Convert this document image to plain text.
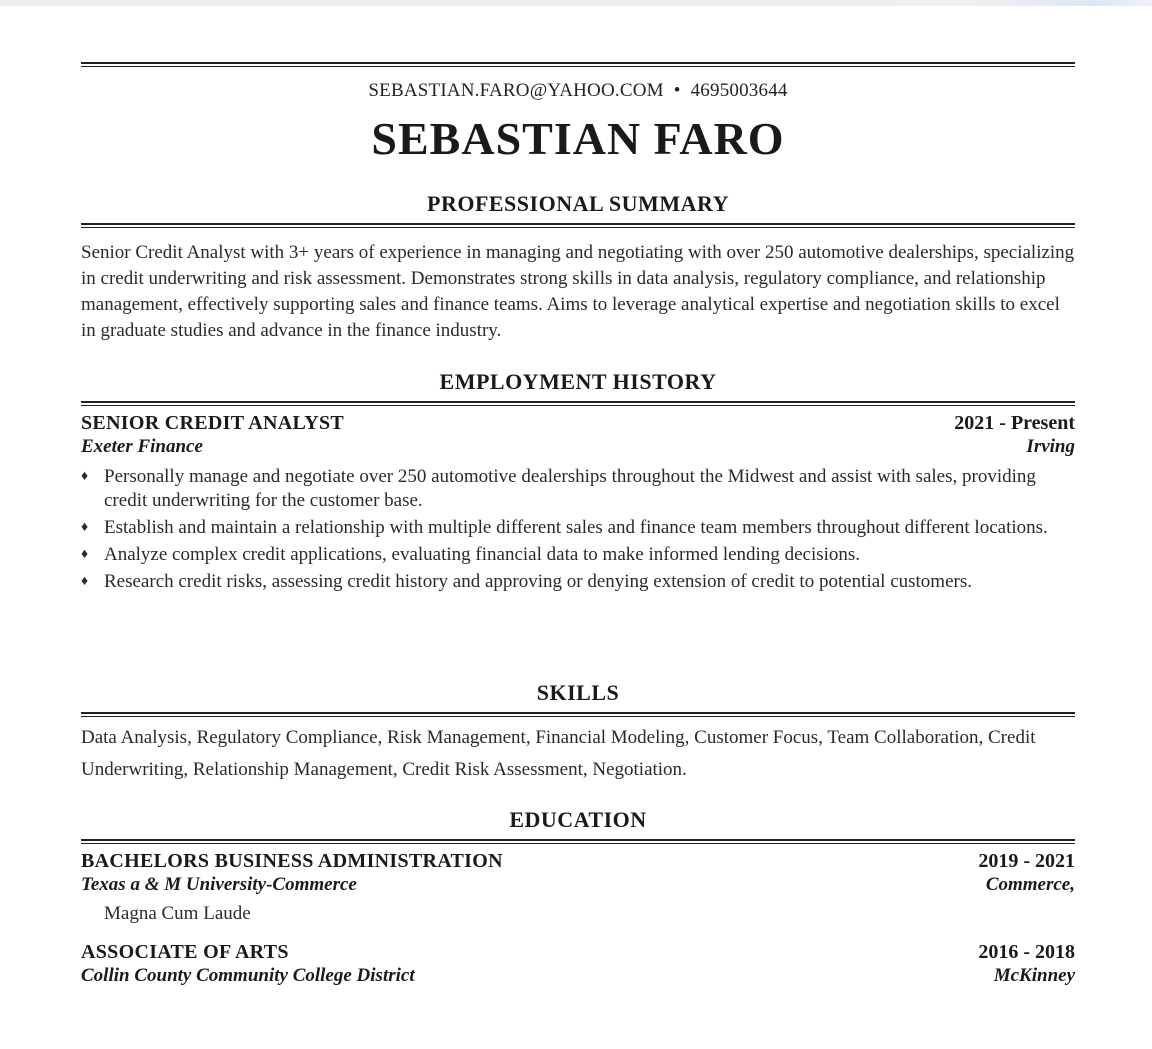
SEBASTIAN.FARO@YAHOO.COM • 4695003644
SEBASTIAN FARO
PROFESSIONAL SUMMARY
Senior Credit Analyst with 3+ years of experience in managing and negotiating with over 250 automotive dealerships, specializing in credit underwriting and risk assessment. Demonstrates strong skills in data analysis, regulatory compliance, and relationship management, effectively supporting sales and finance teams. Aims to leverage analytical expertise and negotiation skills to excel in graduate studies and advance in the finance industry.
EMPLOYMENT HISTORY
SENIOR CREDIT ANALYST	2021 - Present
Exeter Finance	Irving
♦ Personally manage and negotiate over 250 automotive dealerships throughout the Midwest and assist with sales, providing credit underwriting for the customer base.
♦ Establish and maintain a relationship with multiple different sales and finance team members throughout different locations.
♦ Analyze complex credit applications, evaluating financial data to make informed lending decisions.
♦ Research credit risks, assessing credit history and approving or denying extension of credit to potential customers.
SKILLS
Data Analysis, Regulatory Compliance, Risk Management, Financial Modeling, Customer Focus, Team Collaboration, Credit Underwriting, Relationship Management, Credit Risk Assessment, Negotiation.
EDUCATION
BACHELORS BUSINESS ADMINISTRATION	2019 - 2021
Texas a & M University-Commerce	Commerce,
Magna Cum Laude
ASSOCIATE OF ARTS	2016 - 2018
Collin County Community College District	McKinney
